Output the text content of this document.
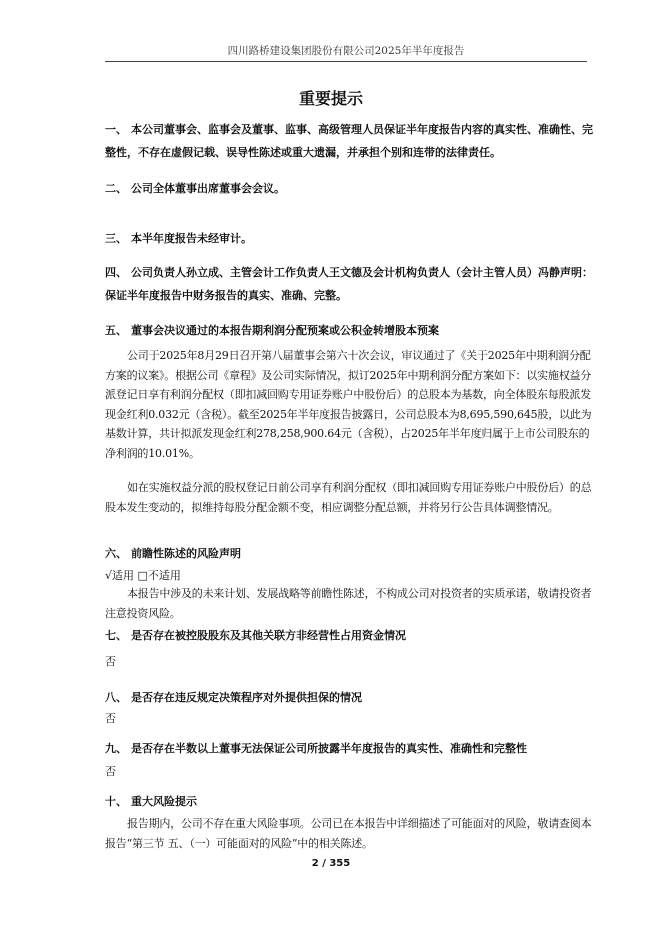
四川路桥建设集团股份有限公司2025年半年度报告
重要提示
一、 本公司董事会、监事会及董事、监事、高级管理人员保证半年度报告内容的真实性、准确性、完整性，不存在虚假记载、误导性陈述或重大遗漏，并承担个别和连带的法律责任。
二、 公司全体董事出席董事会会议。
三、 本半年度报告未经审计。
四、 公司负责人孙立成、主管会计工作负责人王文德及会计机构负责人（会计主管人员）冯静声明：保证半年度报告中财务报告的真实、准确、完整。
五、 董事会决议通过的本报告期利润分配预案或公积金转增股本预案
公司于2025年8月29日召开第八届董事会第六十次会议，审议通过了《关于2025年中期利润分配方案的议案》。根据公司《章程》及公司实际情况，拟订2025年中期利润分配方案如下：以实施权益分派登记日享有利润分配权（即扣减回购专用证券账户中股份后）的总股本为基数，向全体股东每股派发现金红利0.032元（含税）。截至2025年半年度报告披露日，公司总股本为8,695,590,645股，以此为基数计算，共计拟派发现金红利278,258,900.64元（含税），占2025年半年度归属于上市公司股东的净利润的10.01%。
如在实施权益分派的股权登记日前公司享有利润分配权（即扣减回购专用证券账户中股份后）的总股本发生变动的，拟维持每股分配金额不变，相应调整分配总额，并将另行公告具体调整情况。
六、 前瞻性陈述的风险声明
√适用 □不适用
本报告中涉及的未来计划、发展战略等前瞻性陈述，不构成公司对投资者的实质承诺，敬请投资者注意投资风险。
七、 是否存在被控股股东及其他关联方非经营性占用资金情况
否
八、 是否存在违反规定决策程序对外提供担保的情况
否
九、 是否存在半数以上董事无法保证公司所披露半年度报告的真实性、准确性和完整性
否
十、 重大风险提示
报告期内，公司不存在重大风险事项。公司已在本报告中详细描述了可能面对的风险，敬请查阅本报告“第三节 五、（一）可能面对的风险”中的相关陈述。
2 / 355
